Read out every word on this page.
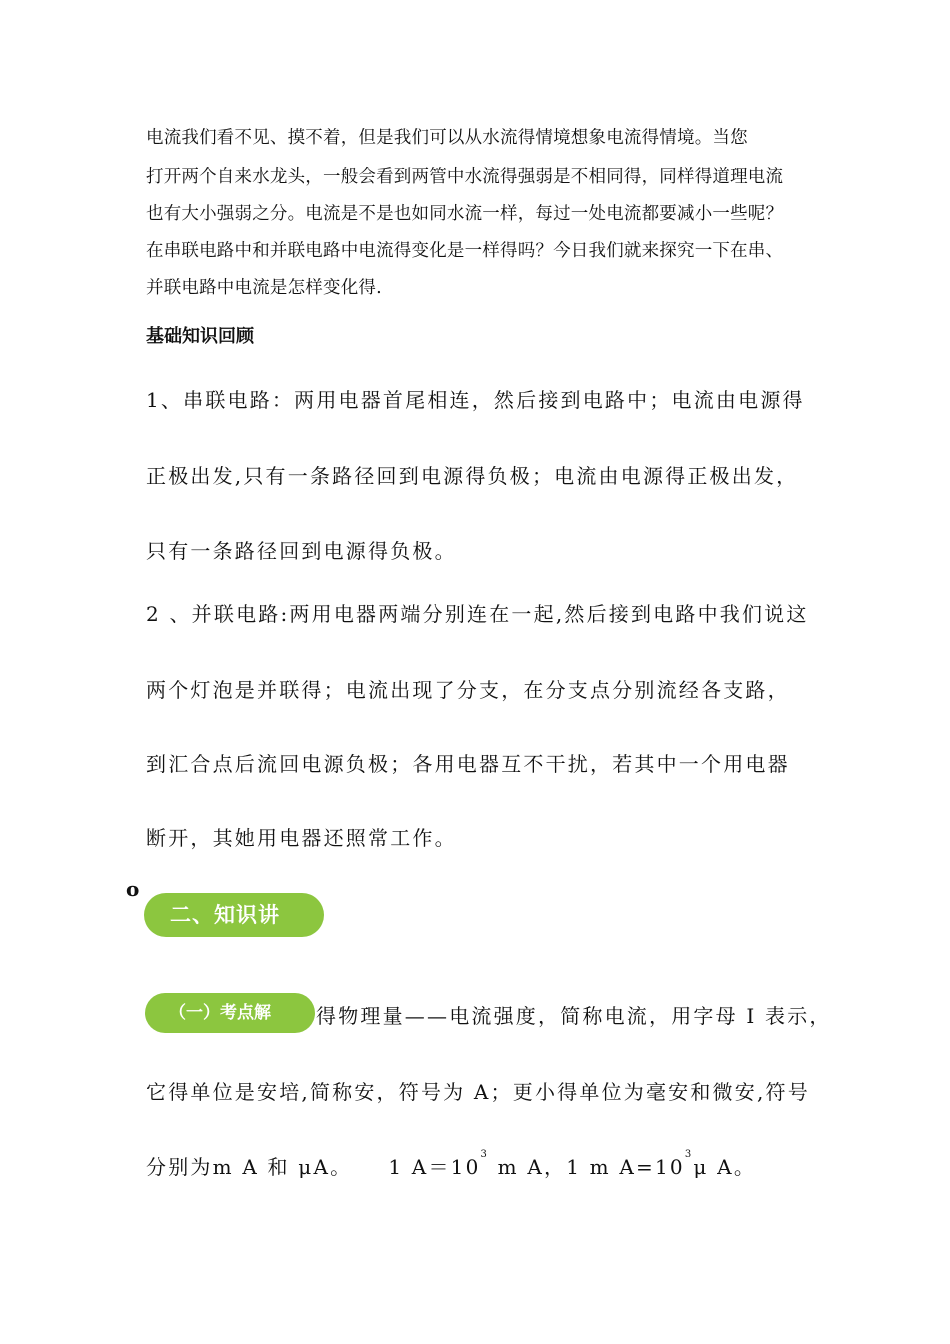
电流我们看不见、摸不着，但是我们可以从水流得情境想象电流得情境。当您
打开两个自来水龙头，一般会看到两管中水流得强弱是不相同得，同样得道理电流
也有大小强弱之分。电流是不是也如同水流一样，每过一处电流都要减小一些呢？
在串联电路中和并联电路中电流得变化是一样得吗？今日我们就来探究一下在串、
并联电路中电流是怎样变化得.
基础知识回顾
1、串联电路：两用电器首尾相连，然后接到电路中；电流由电源得
正极出发,只有一条路径回到电源得负极；电流由电源得正极出发，
只有一条路径回到电源得负极。
2 、并联电路:两用电器两端分别连在一起,然后接到电路中我们说这
两个灯泡是并联得；电流出现了分支，在分支点分别流经各支路，
到汇合点后流回电源负极；各用电器互不干扰，若其中一个用电器
断开，其她用电器还照常工作。
o
二、知识讲
得物理量——电流强度，简称电流，用字母 I 表示，
（一）考点解
它得单位是安培,简称安，符号为 A；更小得单位为毫安和微安,符号
分别为m A 和 μA。 1 $A=10^3$ m A，1 m $A=10^3\mu$ A。
